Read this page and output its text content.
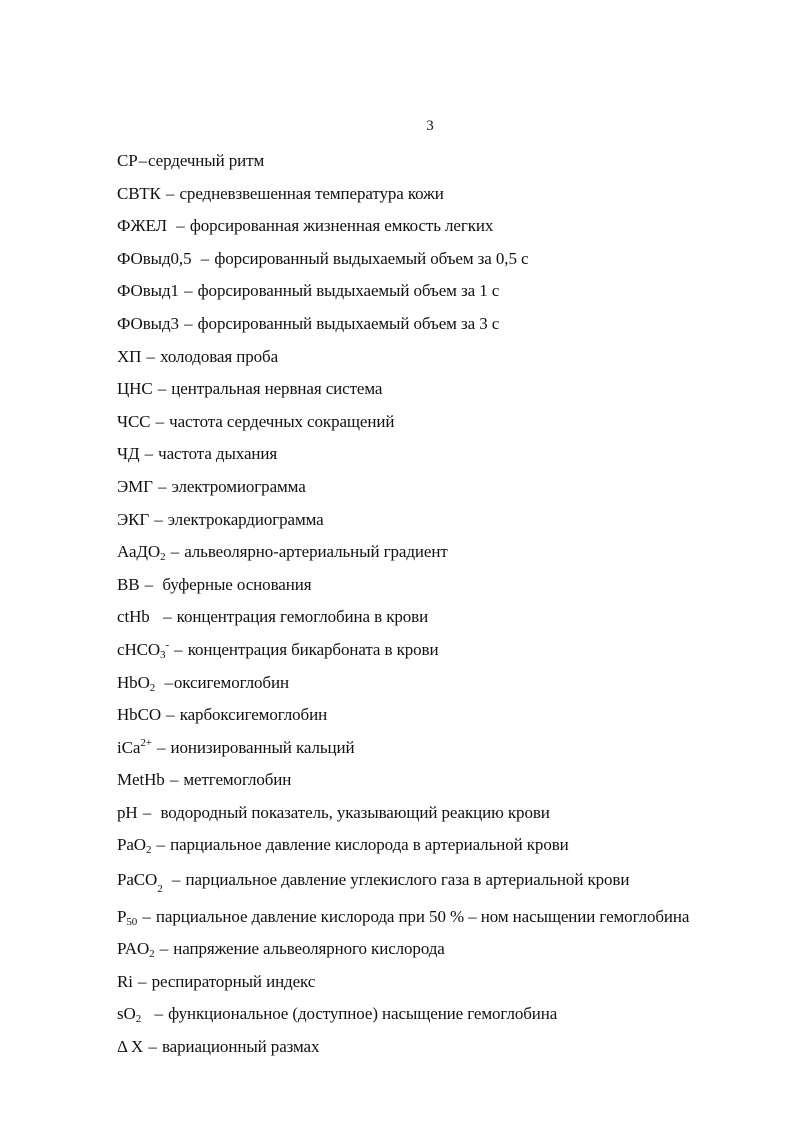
3
СР–сердечный ритм
СВТК – средневзвешенная температура кожи
ФЖЕЛ  – форсированная жизненная емкость легких
ФОвыд0,5  – форсированный выдыхаемый объем за 0,5 с
ФОвыд1 – форсированный выдыхаемый объем за 1 с
ФОвыд3 – форсированный выдыхаемый объем за 3 с
ХП – холодовая проба
ЦНС – центральная нервная система
ЧСС – частота сердечных сокращений
ЧД – частота дыхания
ЭМГ – электромиограмма
ЭКГ – электрокардиограмма
АаДО$_2$ – альвеолярно-артериальный градиент
ВВ –  буферные основания
ctHb   – концентрация гемоглобина в крови
cHCO$_3$- – концентрация бикарбоната в крови
HbO$_2$  –оксигемоглобин
HbCO – карбоксигемоглобин
iCa$^{2+}$ – ионизированный кальций
MetHb – метгемоглобин
pH –  водородный показатель, указывающий реакцию крови
PaO$_2$ – парциальное давление кислорода в артериальной крови
PaCO$_2$  – парциальное давление углекислого газа в артериальной крови
$P_{50}$ – парциальное давление кислорода при 50 % – ном насыщении гемоглобина
$PAO_2$ – напряжение альвеолярного кислорода
Ri – респираторный индекс
$sO_2$   – функциональное (доступное) насыщение гемоглобина
Δ X – вариационный размах
